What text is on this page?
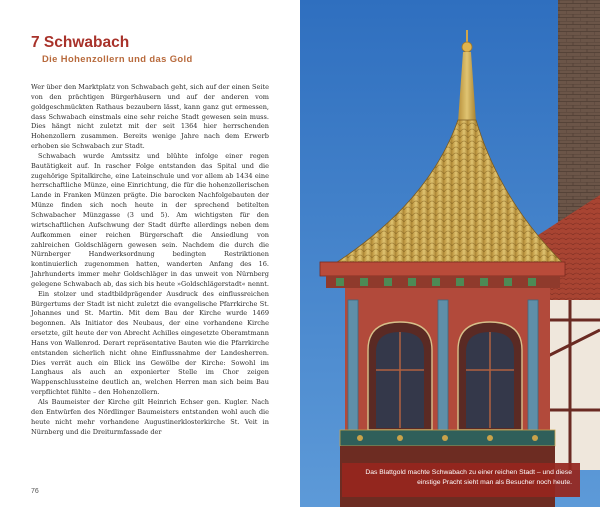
7 Schwabach
Die Hohenzollern und das Gold

Wer über den Marktplatz von Schwabach geht, sich auf der einen Seite von den prächtigen Bürgerhäusern und auf der anderen vom goldgeschmückten Rathaus bezaubern lässt, kann ganz gut ermessen, dass Schwabach einstmals eine sehr reiche Stadt gewesen sein muss. Dies hängt nicht zuletzt mit der seit 1364 hier herrschenden Hohenzollern zusammen. Bereits wenige Jahre nach dem Erwerb erhoben sie Schwabach zur Stadt.

Schwabach wurde Amtssitz und blühte infolge einer regen Bautätigkeit auf. In rascher Folge entstanden das Spital und die zugehörige Spitalkirche, eine Lateinschule und vor allem ab 1434 eine herrschaftliche Münze, eine Einrichtung, die für die hohenzollerischen Lande in Franken Münzen prägte. Die barocken Nachfolgebauten der Münze finden sich noch heute in der sprechend betitelten Schwabacher Münzgasse (3 und 5). Am wichtigsten für den wirtschaftlichen Aufschwung der Stadt dürfte allerdings neben dem Aufkommen einer reichen Bürgerschaft die Ansiedlung von zahlreichen Goldschlägern gewesen sein. Nachdem die durch die Nürnberger Handwerksordnung bedingten Restriktionen kontinuierlich zugenommen hatten, wanderten Anfang des 16. Jahrhunderts immer mehr Goldschläger in das unweit von Nürnberg gelegene Schwabach ab, das sich bis heute »Goldschlägerstadt« nennt.

Ein stolzer und stadtbildprägender Ausdruck des einflussreichen Bürgertums der Stadt ist nicht zuletzt die evangelische Pfarrkirche St. Johannes und St. Martin. Mit dem Bau der Kirche wurde 1469 begonnen. Als Initiator des Neubaus, der eine vorhandene Kirche ersetzte, gilt heute der von Abrecht Achilles eingesetzte Oberamtmann Hans von Wallenrod. Derart repräsentative Bauten wie die Pfarrkirche entstanden sicherlich nicht ohne Einflussnahme der Landesherren. Dies verrät auch ein Blick ins Gewölbe der Kirche: Sowohl im Langhaus als auch an exponierter Stelle im Chor zeigen Wappenschlussteine deutlich an, welchen Herren man sich beim Bau verpflichtet fühlte – den Hohenzollern.

Als Baumeister der Kirche gilt Heinrich Echser gen. Kugler. Nach den Entwürfen des Nördlinger Baumeisters entstanden wohl auch die heute nicht mehr vorhandene Augustinerklosterkirche St. Veit in Nürnberg und die Dreiturmfassade der

76
Das Blattgold machte Schwabach zu einer reichen Stadt – und diese einstige Pracht sieht man als Besucher noch heute.
